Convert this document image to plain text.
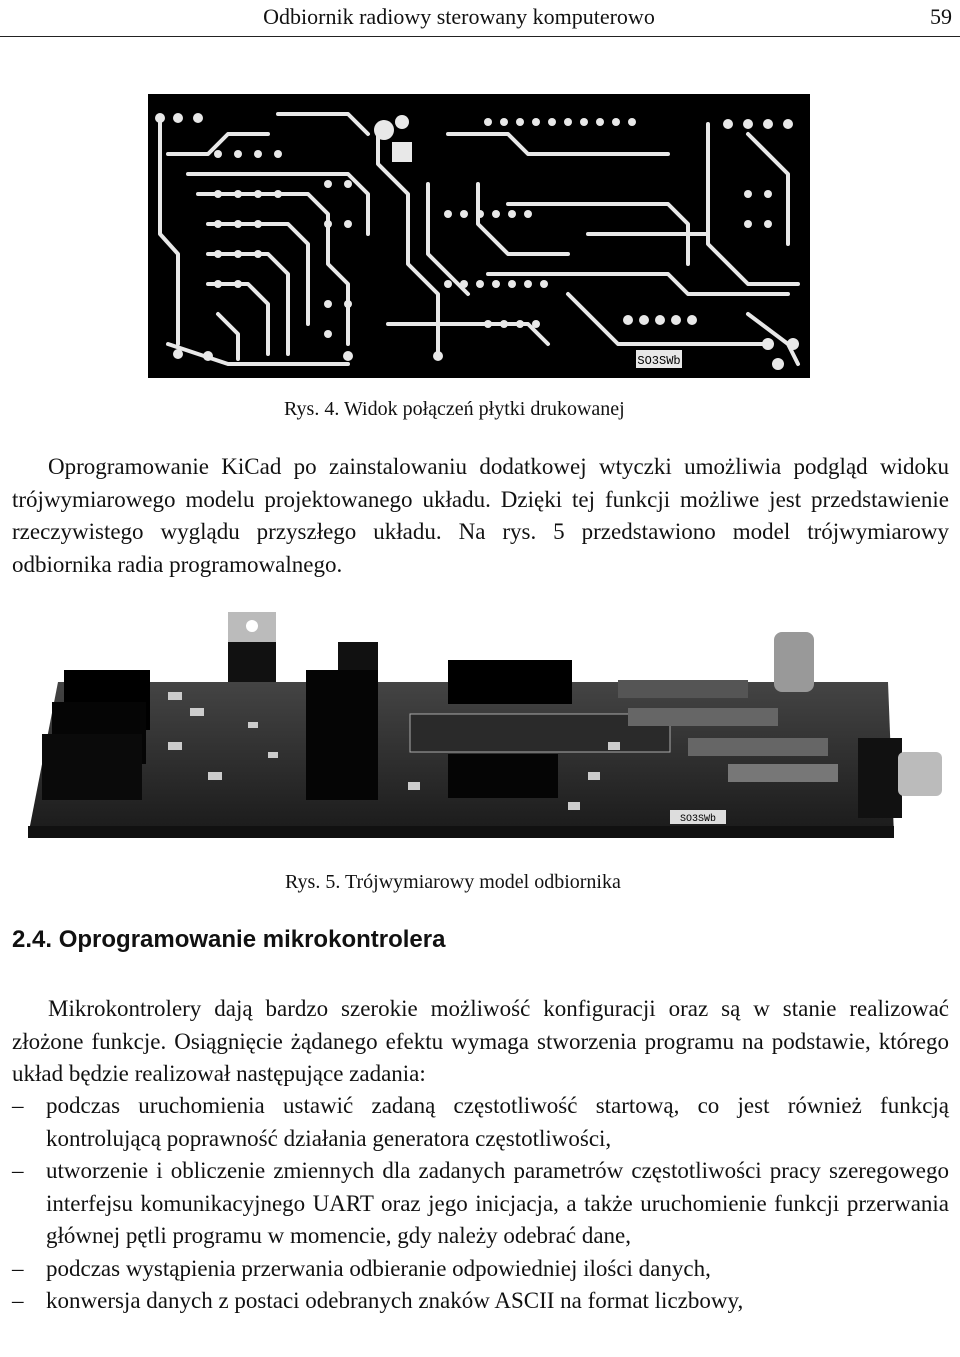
Odbiornik radiowy sterowany komputerowo	59
SO3SWb
Rys. 4. Widok połączeń płytki drukowanej
Oprogramowanie KiCad po zainstalowaniu dodatkowej wtyczki umożliwia podgląd widoku trójwymiarowego modelu projektowanego układu. Dzięki tej funkcji możliwe jest przedstawienie rzeczywistego wyglądu przyszłego układu. Na rys. 5 przedstawiono model trójwymiarowy odbiornika radia programowalnego.
SO3SWb
Rys. 5. Trójwymiarowy model odbiornika
2.4. Oprogramowanie mikrokontrolera
Mikrokontrolery dają bardzo szerokie możliwość konfiguracji oraz są w stanie realizować złożone funkcje. Osiągnięcie żądanego efektu wymaga stworzenia programu na podstawie, którego układ będzie realizował następujące zadania:
– podczas uruchomienia ustawić zadaną częstotliwość startową, co jest również funkcją kontrolującą poprawność działania generatora częstotliwości,
– utworzenie i obliczenie zmiennych dla zadanych parametrów częstotliwości pracy szeregowego interfejsu komunikacyjnego UART oraz jego inicjacja, a także uruchomienie funkcji przerwania głównej pętli programu w momencie, gdy należy odebrać dane,
– podczas wystąpienia przerwania odbieranie odpowiedniej ilości danych,
– konwersja danych z postaci odebranych znaków ASCII na format liczbowy,
